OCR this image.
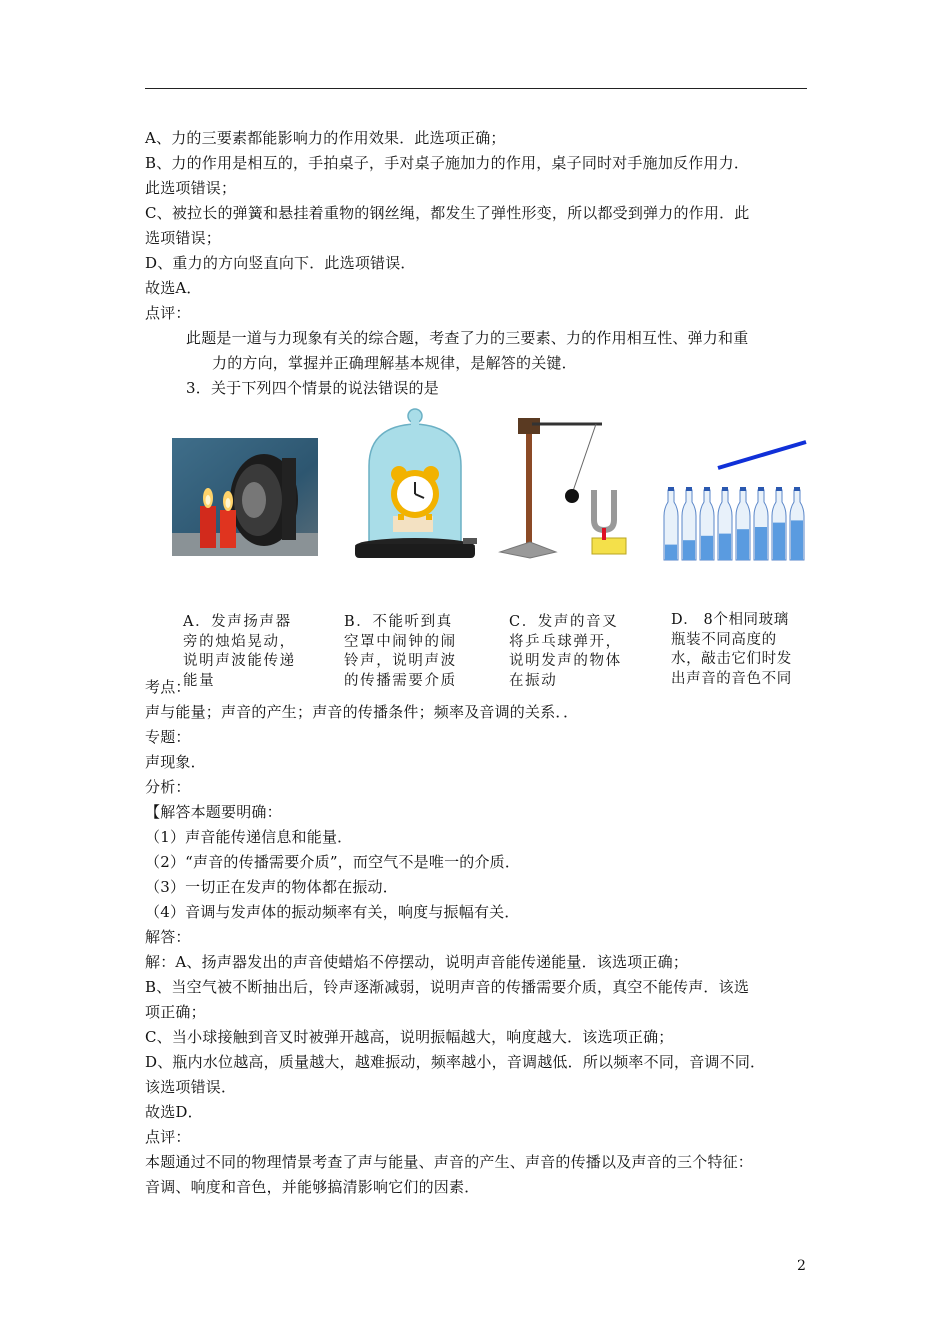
A、力的三要素都能影响力的作用效果．此选项正确；
B、力的作用是相互的，手拍桌子，手对桌子施加力的作用，桌子同时对手施加反作用力．
此选项错误；
C、被拉长的弹簧和悬挂着重物的钢丝绳，都发生了弹性形变，所以都受到弹力的作用．此
选项错误；
D、重力的方向竖直向下．此选项错误．
故选A．
点评：
此题是一道与力现象有关的综合题，考查了力的三要素、力的作用相互性、弹力和重
力的方向，掌握并正确理解基本规律，是解答的关键．
3．关于下列四个情景的说法错误的是

A．发声扬声器
旁的烛焰晃动，
说明声波能传递
能量

B．不能听到真
空罩中闹钟的闹
铃声，说明声波
的传播需要介质

C．发声的音叉
将乒乓球弹开，
说明发声的物体
在振动

D． 8个相同玻璃
瓶装不同高度的
水，敲击它们时发
出声音的音色不同

考点：
声与能量；声音的产生；声音的传播条件；频率及音调的关系．．
专题：
声现象．
分析：
【解答本题要明确：
（1）声音能传递信息和能量．
（2）“声音的传播需要介质”，而空气不是唯一的介质．
（3）一切正在发声的物体都在振动．
（4）音调与发声体的振动频率有关，响度与振幅有关．
解答：
解：A、扬声器发出的声音使蜡焰不停摆动，说明声音能传递能量．该选项正确；
B、当空气被不断抽出后，铃声逐渐减弱，说明声音的传播需要介质，真空不能传声．该选
项正确；
C、当小球接触到音叉时被弹开越高，说明振幅越大，响度越大．该选项正确；
D、瓶内水位越高，质量越大，越难振动，频率越小，音调越低．所以频率不同，音调不同．
该选项错误．
故选D．
点评：
本题通过不同的物理情景考查了声与能量、声音的产生、声音的传播以及声音的三个特征：
音调、响度和音色，并能够搞清影响它们的因素．
2
